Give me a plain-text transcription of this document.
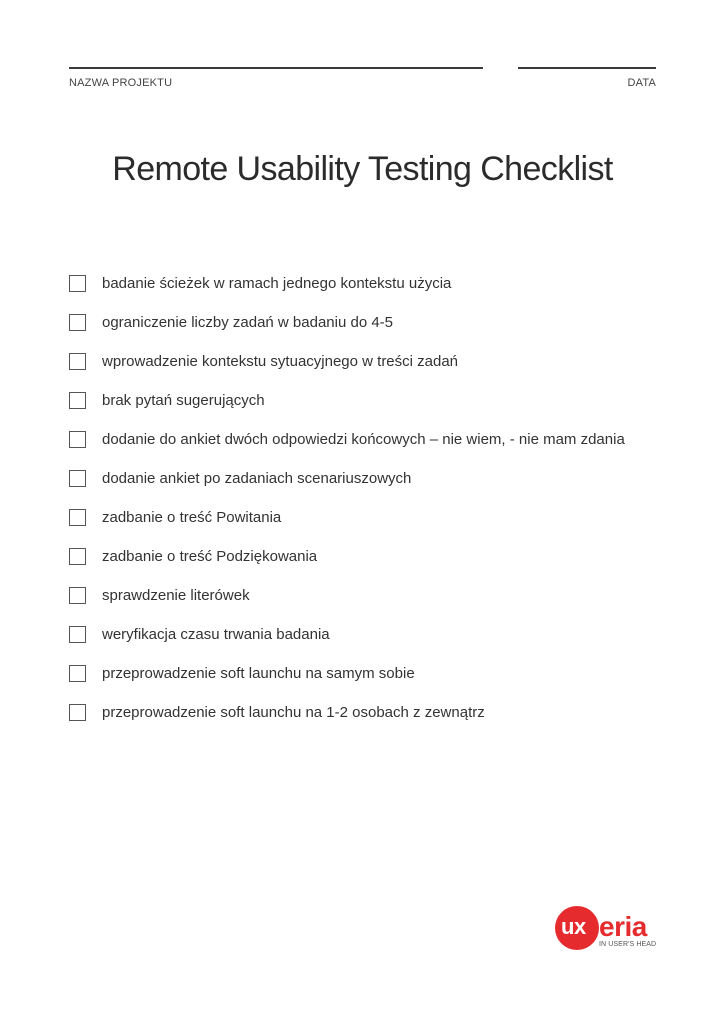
NAZWA PROJEKTU	DATA
Remote Usability Testing Checklist
badanie ścieżek w ramach jednego kontekstu użycia
ograniczenie liczby zadań w badaniu do 4-5
wprowadzenie kontekstu sytuacyjnego w treści zadań
brak pytań sugerujących
dodanie do ankiet dwóch odpowiedzi końcowych – nie wiem, - nie mam zdania
dodanie ankiet po zadaniach scenariuszowych
zadbanie o treść Powitania
zadbanie o treść Podziękowania
sprawdzenie literówek
weryfikacja czasu trwania badania
przeprowadzenie soft launchu na samym sobie
przeprowadzenie soft launchu na 1-2 osobach z zewnątrz
ux eria
IN USER'S HEAD
